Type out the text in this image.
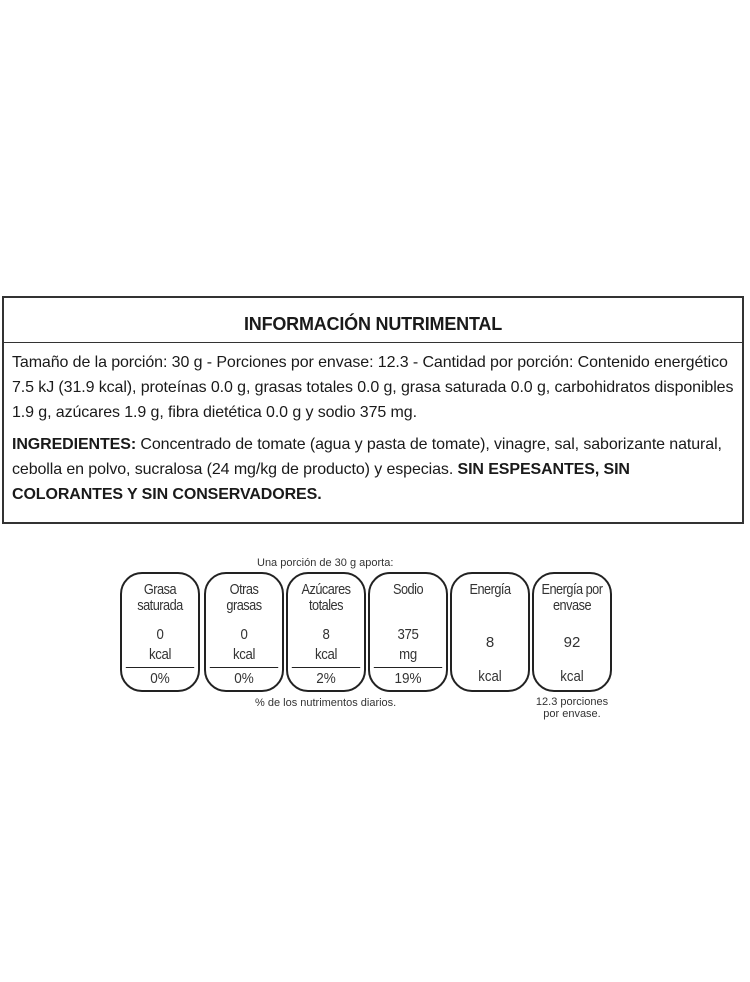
INFORMACIÓN NUTRIMENTAL
Tamaño de la porción: 30 g - Porciones por envase: 12.3 - Cantidad por porción: Contenido energético 7.5 kJ (31.9 kcal), proteínas 0.0 g, grasas totales 0.0 g, grasa saturada 0.0 g, carbohidratos disponibles 1.9 g, azúcares 1.9 g, fibra dietética 0.0 g y sodio 375 mg.
INGREDIENTES: Concentrado de tomate (agua y pasta de tomate), vinagre, sal, saborizante natural, cebolla en polvo, sucralosa (24 mg/kg de producto) y especias. SIN ESPESANTES, SIN COLORANTES Y SIN CONSERVADORES.
Una porción de 30 g aporta:
Grasa saturada
0
kcal
0%
Otras grasas
0
kcal
0%
Azúcares totales
8
kcal
2%
Sodio
375
mg
19%
Energía
8
kcal
Energía por envase
92
kcal
% de los nutrimentos diarios.	12.3 porciones por envase.
